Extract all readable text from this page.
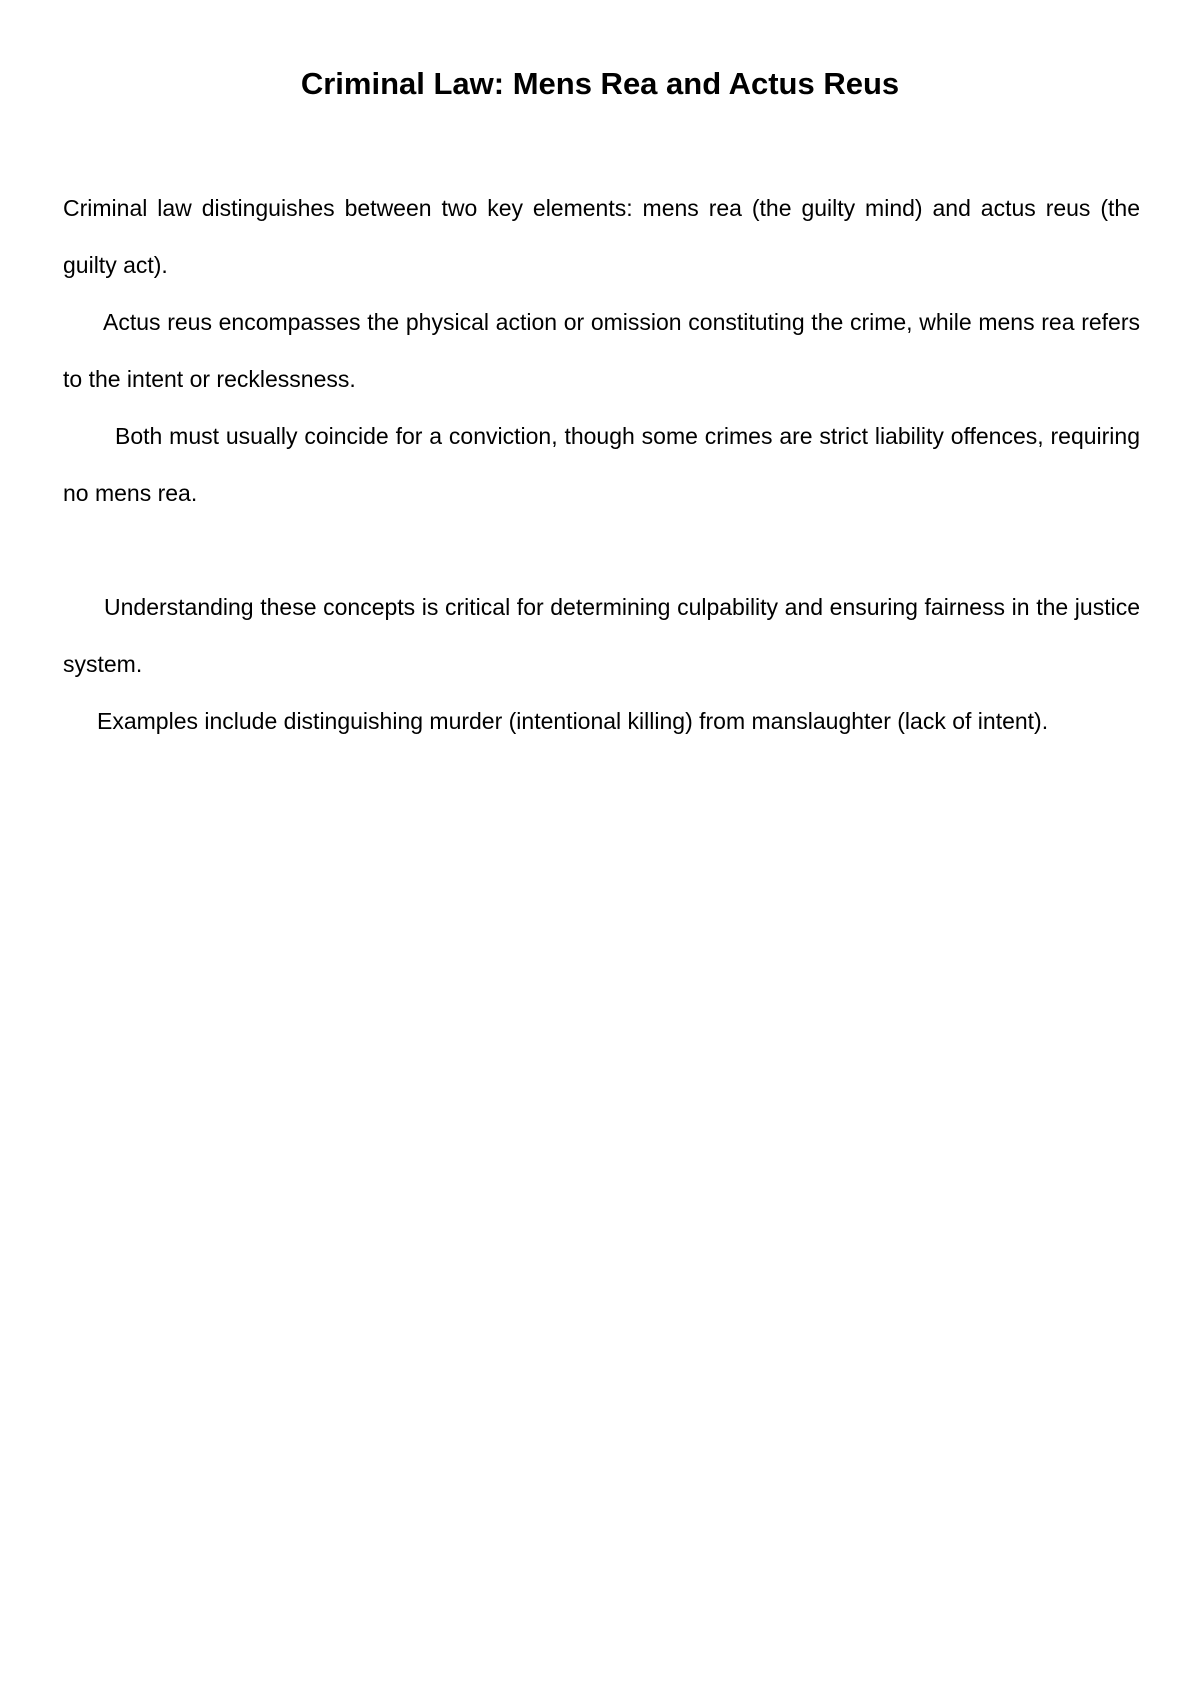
Criminal Law: Mens Rea and Actus Reus

Criminal law distinguishes between two key elements: mens rea (the guilty mind) and actus reus (the guilty act).

Actus reus encompasses the physical action or omission constituting the crime, while mens rea refers to the intent or recklessness.

Both must usually coincide for a conviction, though some crimes are strict liability offences, requiring no mens rea.

Understanding these concepts is critical for determining culpability and ensuring fairness in the justice system.

Examples include distinguishing murder (intentional killing) from manslaughter (lack of intent).
